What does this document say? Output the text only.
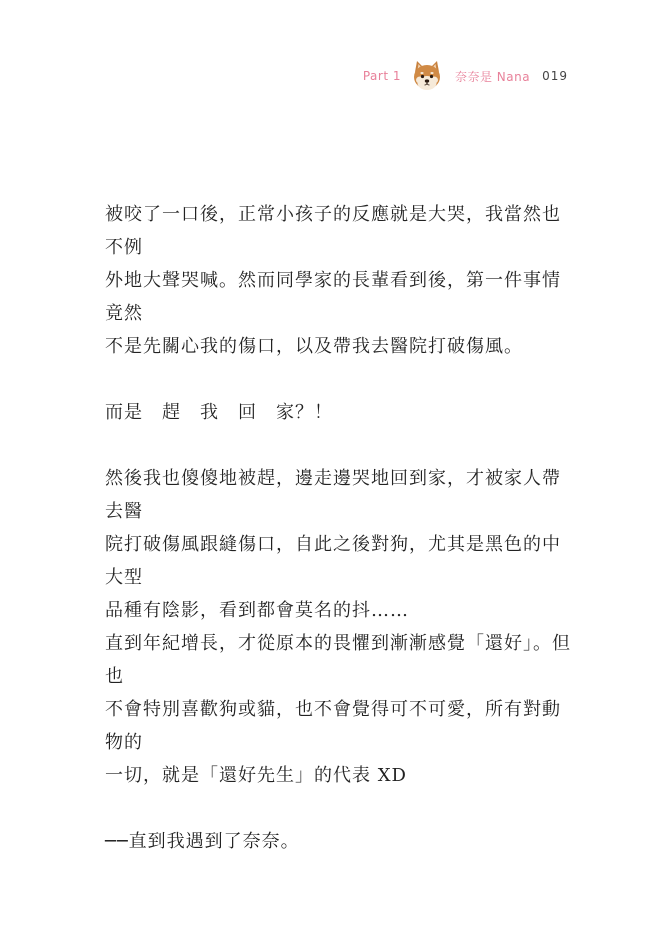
Part 1	奈奈是 Nana 019

被咬了一口後，正常小孩子的反應就是大哭，我當然也不例
外地大聲哭喊。然而同學家的長輩看到後，第一件事情竟然
不是先關心我的傷口，以及帶我去醫院打破傷風。

而是　趕　我　回　家？！

然後我也傻傻地被趕，邊走邊哭地回到家，才被家人帶去醫
院打破傷風跟縫傷口，自此之後對狗，尤其是黑色的中大型
品種有陰影，看到都會莫名的抖……

直到年紀增長，才從原本的畏懼到漸漸感覺「還好」。但也
不會特別喜歡狗或貓，也不會覺得可不可愛，所有對動物的
一切，就是「還好先生」的代表 XD

──直到我遇到了奈奈。
